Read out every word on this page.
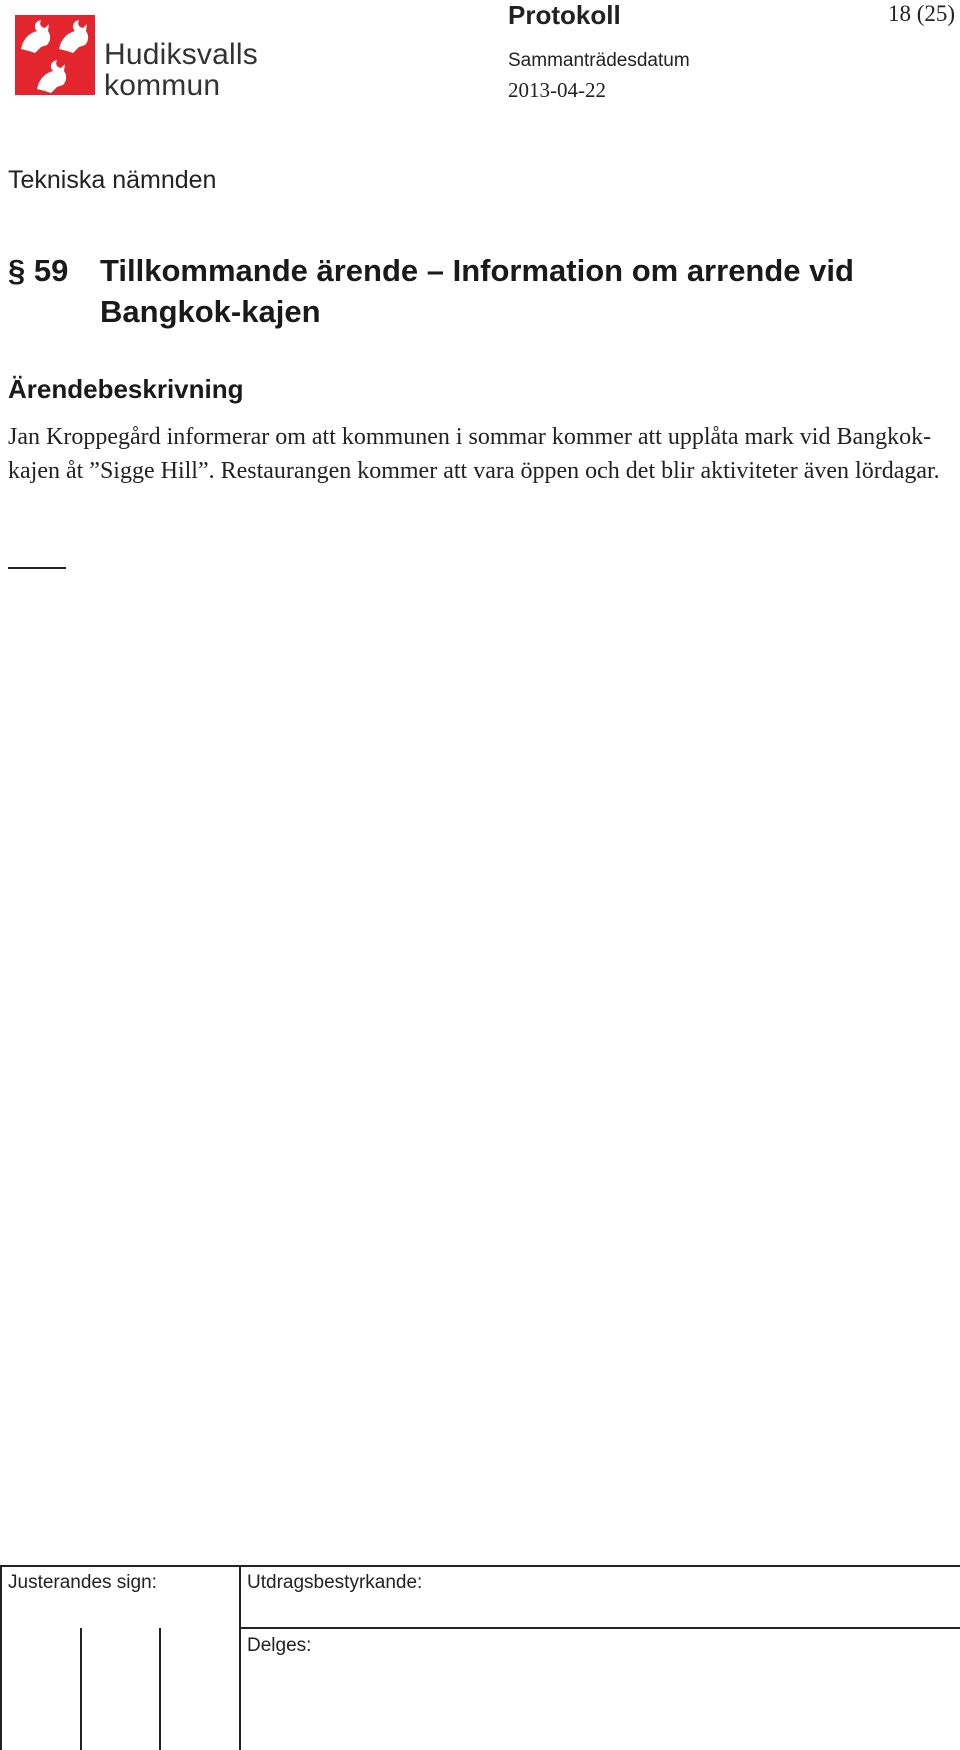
Hudiksvalls
kommun
Protokoll	18 (25)
Sammanträdesdatum
2013-04-22
Tekniska nämnden
§ 59 Tillkommande ärende – Information om arrende vid Bangkok-kajen
Ärendebeskrivning
Jan Kroppegård informerar om att kommunen i sommar kommer att upplåta mark vid Bangkok-kajen åt ”Sigge Hill”. Restaurangen kommer att vara öppen och det blir aktiviteter även lördagar.
Justerandes sign:	Utdragsbestyrkande:
Delges:
